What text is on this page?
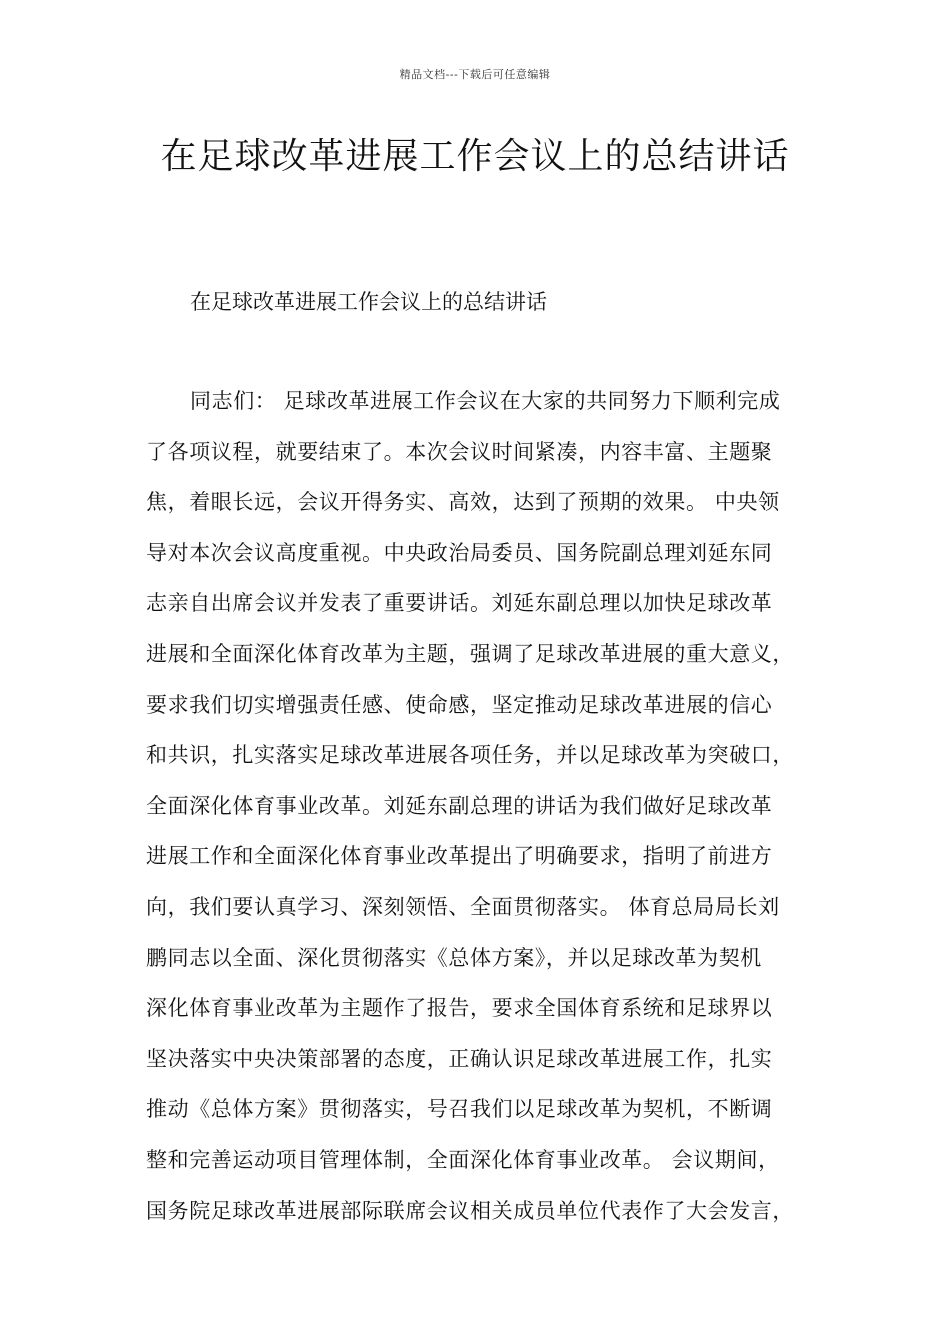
精品文档---下载后可任意编辑
在足球改革进展工作会议上的总结讲话
在足球改革进展工作会议上的总结讲话
同志们： 足球改革进展工作会议在大家的共同努力下顺利完成
了各项议程，就要结束了。本次会议时间紧凑，内容丰富、主题聚
焦，着眼长远，会议开得务实、高效，达到了预期的效果。 中央领
导对本次会议高度重视。中央政治局委员、国务院副总理刘延东同
志亲自出席会议并发表了重要讲话。刘延东副总理以加快足球改革
进展和全面深化体育改革为主题，强调了足球改革进展的重大意义，
要求我们切实增强责任感、使命感，坚定推动足球改革进展的信心
和共识，扎实落实足球改革进展各项任务，并以足球改革为突破口，
全面深化体育事业改革。刘延东副总理的讲话为我们做好足球改革
进展工作和全面深化体育事业改革提出了明确要求，指明了前进方
向，我们要认真学习、深刻领悟、全面贯彻落实。 体育总局局长刘
鹏同志以全面、深化贯彻落实《总体方案》，并以足球改革为契机
深化体育事业改革为主题作了报告，要求全国体育系统和足球界以
坚决落实中央决策部署的态度，正确认识足球改革进展工作，扎实
推动《总体方案》贯彻落实，号召我们以足球改革为契机，不断调
整和完善运动项目管理体制，全面深化体育事业改革。 会议期间，
国务院足球改革进展部际联席会议相关成员单位代表作了大会发言，
